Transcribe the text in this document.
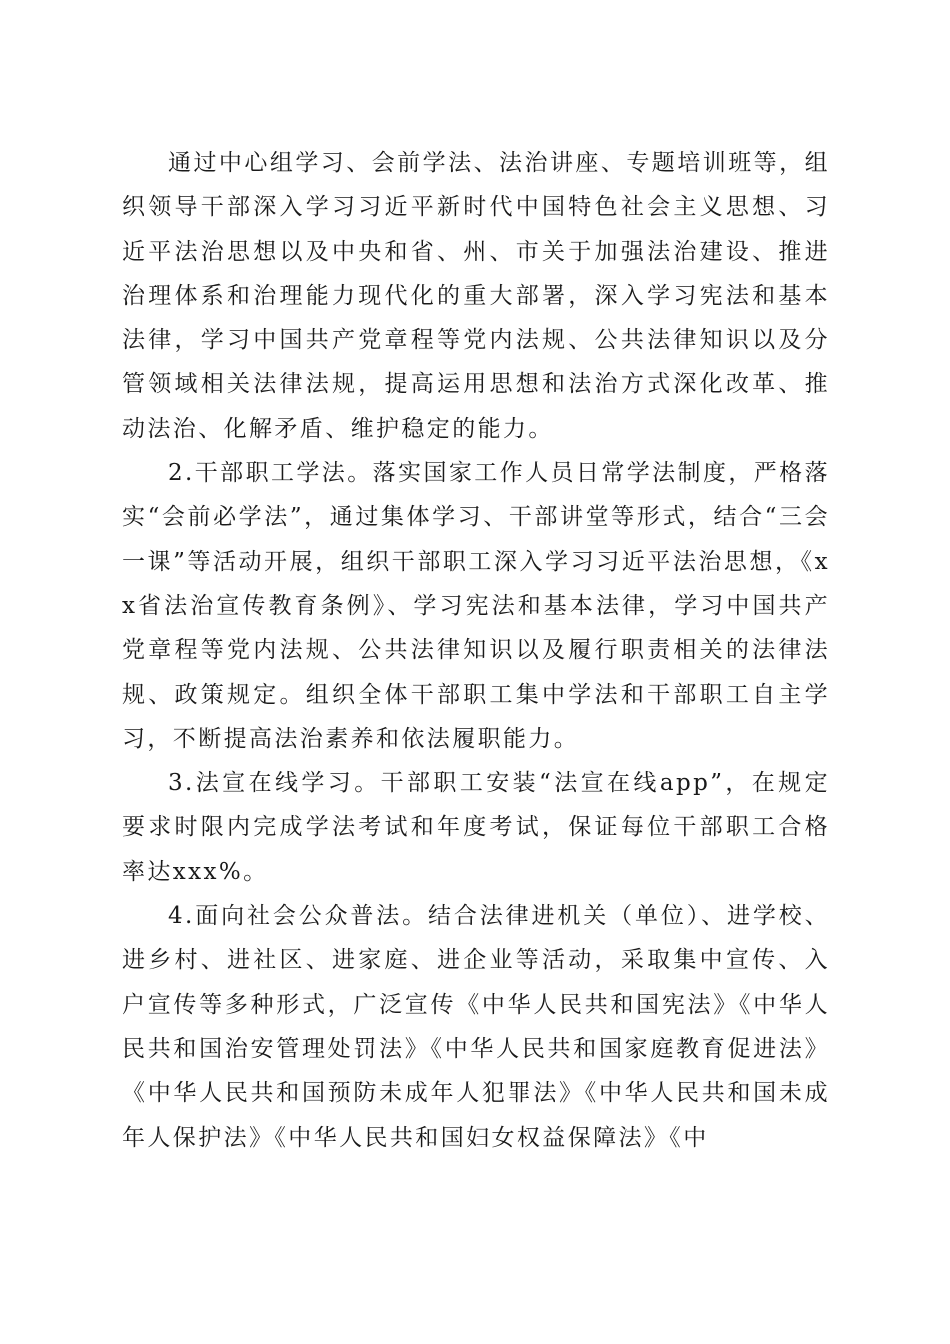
通过中心组学习、会前学法、法治讲座、专题培训班等，组织领导干部深入学习习近平新时代中国特色社会主义思想、习近平法治思想以及中央和省、州、市关于加强法治建设、推进治理体系和治理能力现代化的重大部署，深入学习宪法和基本法律，学习中国共产党章程等党内法规、公共法律知识以及分管领域相关法律法规，提高运用思想和法治方式深化改革、推动法治、化解矛盾、维护稳定的能力。

2.干部职工学法。落实国家工作人员日常学法制度，严格落实“会前必学法”，通过集体学习、干部讲堂等形式，结合“三会一课”等活动开展，组织干部职工深入学习习近平法治思想，《xx省法治宣传教育条例》、学习宪法和基本法律，学习中国共产党章程等党内法规、公共法律知识以及履行职责相关的法律法规、政策规定。组织全体干部职工集中学法和干部职工自主学习，不断提高法治素养和依法履职能力。

3.法宣在线学习。干部职工安装“法宣在线app”，在规定要求时限内完成学法考试和年度考试，保证每位干部职工合格率达xxx%。

4.面向社会公众普法。结合法律进机关（单位）、进学校、进乡村、进社区、进家庭、进企业等活动，采取集中宣传、入户宣传等多种形式，广泛宣传《中华人民共和国宪法》《中华人民共和国治安管理处罚法》《中华人民共和国家庭教育促进法》《中华人民共和国预防未成年人犯罪法》《中华人民共和国未成年人保护法》《中华人民共和国妇女权益保障法》《中
